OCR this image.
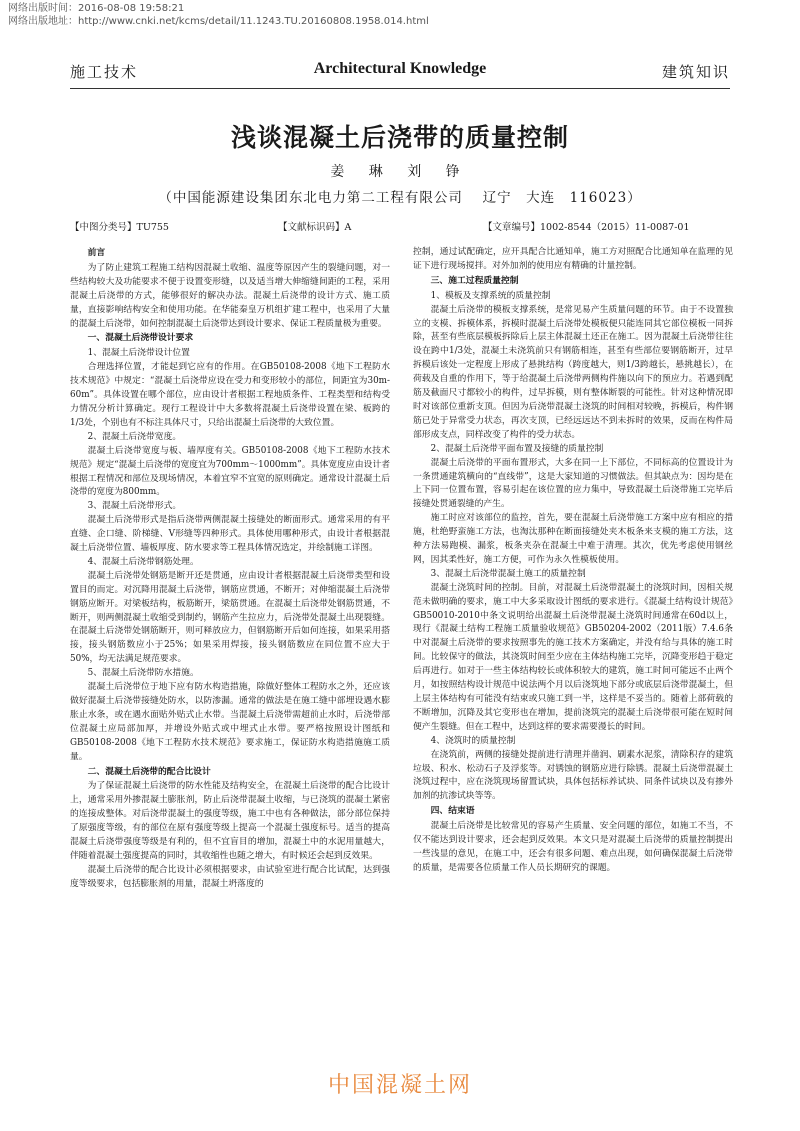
网络出版时间：2016-08-08 19:58:21
网络出版地址：http://www.cnki.net/kcms/detail/11.1243.TU.20160808.1958.014.html
施工技术	Architectural Knowledge	建筑知识
浅谈混凝土后浇带的质量控制
姜 琳 刘 铮
（中国能源建设集团东北电力第二工程有限公司　 辽宁　大连　116023）
【中图分类号】TU755	【文献标识码】A	【文章编号】1002-8544（2015）11-0087-01

前言

为了防止建筑工程施工结构因混凝土收缩、温度等原因产生的裂缝问题，对一些结构较大及功能要求不便于设置变形缝，以及适当增大伸缩缝间距的工程，采用混凝土后浇带的方式，能够很好的解决办法。混凝土后浇带的设计方式、施工质量，直接影响结构安全和使用功能。在华能秦皇万机组扩建工程中，也采用了大量的混凝土后浇带，如何控制混凝土后浇带达到设计要求、保证工程质量极为重要。

一、混凝土后浇带设计要求

1、混凝土后浇带设计位置

合理选择位置，才能起到它应有的作用。在GB50108-2008《地下工程防水技术规范》中规定：“混凝土后浇带应设在受力和变形较小的部位，间距宜为30m-60m”。具体设置在哪个部位，应由设计者根据工程地质条件、工程类型和结构受力情况分析计算确定。现行工程设计中大多数将混凝土后浇带设置在梁、板跨的1/3处，个别也有不标注具体尺寸，只给出混凝土后浇带的大致位置。

2、混凝土后浇带宽度。

混凝土后浇带宽度与板、墙厚度有关。GB50108-2008《地下工程防水技术规范》规定“混凝土后浇带的宽度宜为700mm～1000mm”。具体宽度应由设计者根据工程情况和部位及现场情况，本着宜窄不宜宽的原则确定。通常设计混凝土后浇带的宽度为800mm。

3、混凝土后浇带形式。

混凝土后浇带形式是指后浇带两侧混凝土接缝处的断面形式。通常采用的有平直缝、企口缝、阶梯缝、V形缝等四种形式。具体使用哪种形式，由设计者根据混凝土后浇带位置、墙板厚度、防水要求等工程具体情况选定，并绘制施工详图。

4、混凝土后浇带钢筋处理。

混凝土后浇带处钢筋是断开还是贯通，应由设计者根据混凝土后浇带类型和设置目的而定。对沉降用混凝土后浇带，钢筋应贯通，不断开；对伸缩混凝土后浇带钢筋应断开。对梁板结构，板筋断开，梁筋贯通。在混凝土后浇带处钢筋贯通，不断开，则两侧混凝土收缩受到制约，钢筋产生拉应力，后浇带处混凝土出现裂缝。在混凝土后浇带处钢筋断开，则可释放应力，但钢筋断开后如何连接，如果采用搭接，接头钢筋数应小于25%；如果采用焊接，接头钢筋数应在同位置不应大于50%，均无法满足规范要求。

5、混凝土后浇带防水措施。

混凝土后浇带位于地下应有防水构造措施，除做好整体工程防水之外，还应该做好混凝土后浇带接缝处防水，以防渗漏。通常的做法是在施工缝中部埋设遇水膨胀止水条，或在遇水面贴外贴式止水带。当混凝土后浇带需超前止水时，后浇带部位混凝土应局部加厚，并增设外贴式或中埋式止水带。要严格按照设计图纸和GB50108-2008《地下工程防水技术规范》要求施工，保证防水构造措施施工质量。

二、混凝土后浇带的配合比设计

为了保证混凝土后浇带的防水性能及结构安全，在混凝土后浇带的配合比设计上，通常采用外掺混凝土膨胀剂，防止后浇带混凝土收缩，与已浇筑的混凝土紧密的连接成整体。对后浇带混凝土的强度等级，施工中也有各种做法，部分部位保持了原强度等级，有的部位在原有强度等级上提高一个混凝土强度标号。适当的提高混凝土后浇带强度等级是有利的，但不宜盲目的增加，混凝土中的水泥用量越大，伴随着混凝土强度提高的同时，其收缩性也随之增大，有时候还会起到反效果。

混凝土后浇带的配合比设计必须根据要求，由试验室进行配合比试配，达到强度等级要求，包括膨胀剂的用量，混凝土坍落度的

控制，通过试配确定，应开具配合比通知单，施工方对照配合比通知单在监理的见证下进行现场搅拌。对外加剂的使用应有精确的计量控制。

三、施工过程质量控制

1、模板及支撑系统的质量控制

混凝土后浇带的模板支撑系统，是常见易产生质量问题的环节。由于不设置独立的支模、拆模体系，拆模时混凝土后浇带处模板便只能连同其它部位模板一同拆除，甚至有些底层模板拆除后上层主体混凝土还正在施工。因为混凝土后浇带往往设在跨中1/3处，混凝土未浇筑前只有钢筋相连，甚至有些部位要钢筋断开，过早拆模后该处一定程度上形成了悬挑结构（跨度越大，则1/3跨越长，悬挑越长），在荷载及自重的作用下，等于给混凝土后浇带两侧构件施以向下的预应力。若遇到配筋及截面尺寸都较小的构件，过早拆模，则有整体断裂的可能性。针对这种情况即时对该部位重新支顶。但因为后浇带混凝土浇筑的时间相对较晚，拆模后，构件钢筋已处于异常受力状态，再次支顶，已经远远达不到未拆时的效果，反而在构件局部形成支点，同样改变了构件的受力状态。

2、混凝土后浇带平面布置及接缝的质量控制

混凝土后浇带的平面布置形式，大多在同一上下部位，不同标高的位置设计为一条贯通建筑横向的“直线带”，这是大家知道的习惯做法。但其缺点为：因均是在上下同一位置布置，容易引起在该位置的应力集中，导致混凝土后浇带施工完毕后接缝处贯通裂缝的产生。

施工时应对该部位的监控，首先，要在混凝土后浇带施工方案中应有相应的措施，杜绝野蛮施工方法，也淘汰那种在断面接缝处夹木板条来支模的施工方法，这种方法易跑模、漏浆，板条夹杂在混凝土中难于清理。其次，优先考虑使用钢丝网，因其柔性好，施工方便，可作为永久性模板使用。

3、混凝土后浇带混凝土施工的质量控制

混凝土浇筑时间的控制。目前，对混凝土后浇带混凝土的浇筑时间，因相关规范未做明确的要求，施工中大多采取设计图纸的要求进行。《混凝土结构设计规范》GB50010-2010中条文说明给出混凝土后浇带混凝土浇筑时间通常在60d以上，现行《混凝土结构工程施工质量验收规范》GB50204-2002（2011版）7.4.6条中对混凝土后浇带的要求按照事先的施工技术方案确定，并没有给与具体的施工时间。比较保守的做法，其浇筑时间至少应在主体结构施工完毕，沉降变形趋于稳定后再进行。如对于一些主体结构较长或体积较大的建筑，施工时间可能远不止两个月，如按照结构设计规范中说法两个月以后浇筑地下部分或底层后浇带混凝土，但上层主体结构有可能没有结束或只施工到一半，这样是不妥当的。随着上部荷载的不断增加，沉降及其它变形也在增加，提前浇筑完的混凝土后浇带很可能在短时间便产生裂缝。但在工程中，达到这样的要求需要漫长的时间。

4、浇筑时的质量控制

在浇筑前，两侧的接缝处提前进行清理并凿润、刷素水泥浆，清除积存的建筑垃圾、积水、松动石子及浮浆等。对锈蚀的钢筋应进行除锈。混凝土后浇带混凝土浇筑过程中，应在浇筑现场留置试块，具体包括标养试块、同条件试块以及有掺外加剂的抗渗试块等等。

四、结束语

混凝土后浇带是比较常见的容易产生质量、安全问题的部位，如施工不当，不仅不能达到设计要求，还会起到反效果。本文只是对混凝土后浇带的质量控制提出一些浅显的意见，在施工中，还会有很多问题、难点出现，如何确保混凝土后浇带的质量，是需要各位质量工作人员长期研究的课题。

中国混凝土网
